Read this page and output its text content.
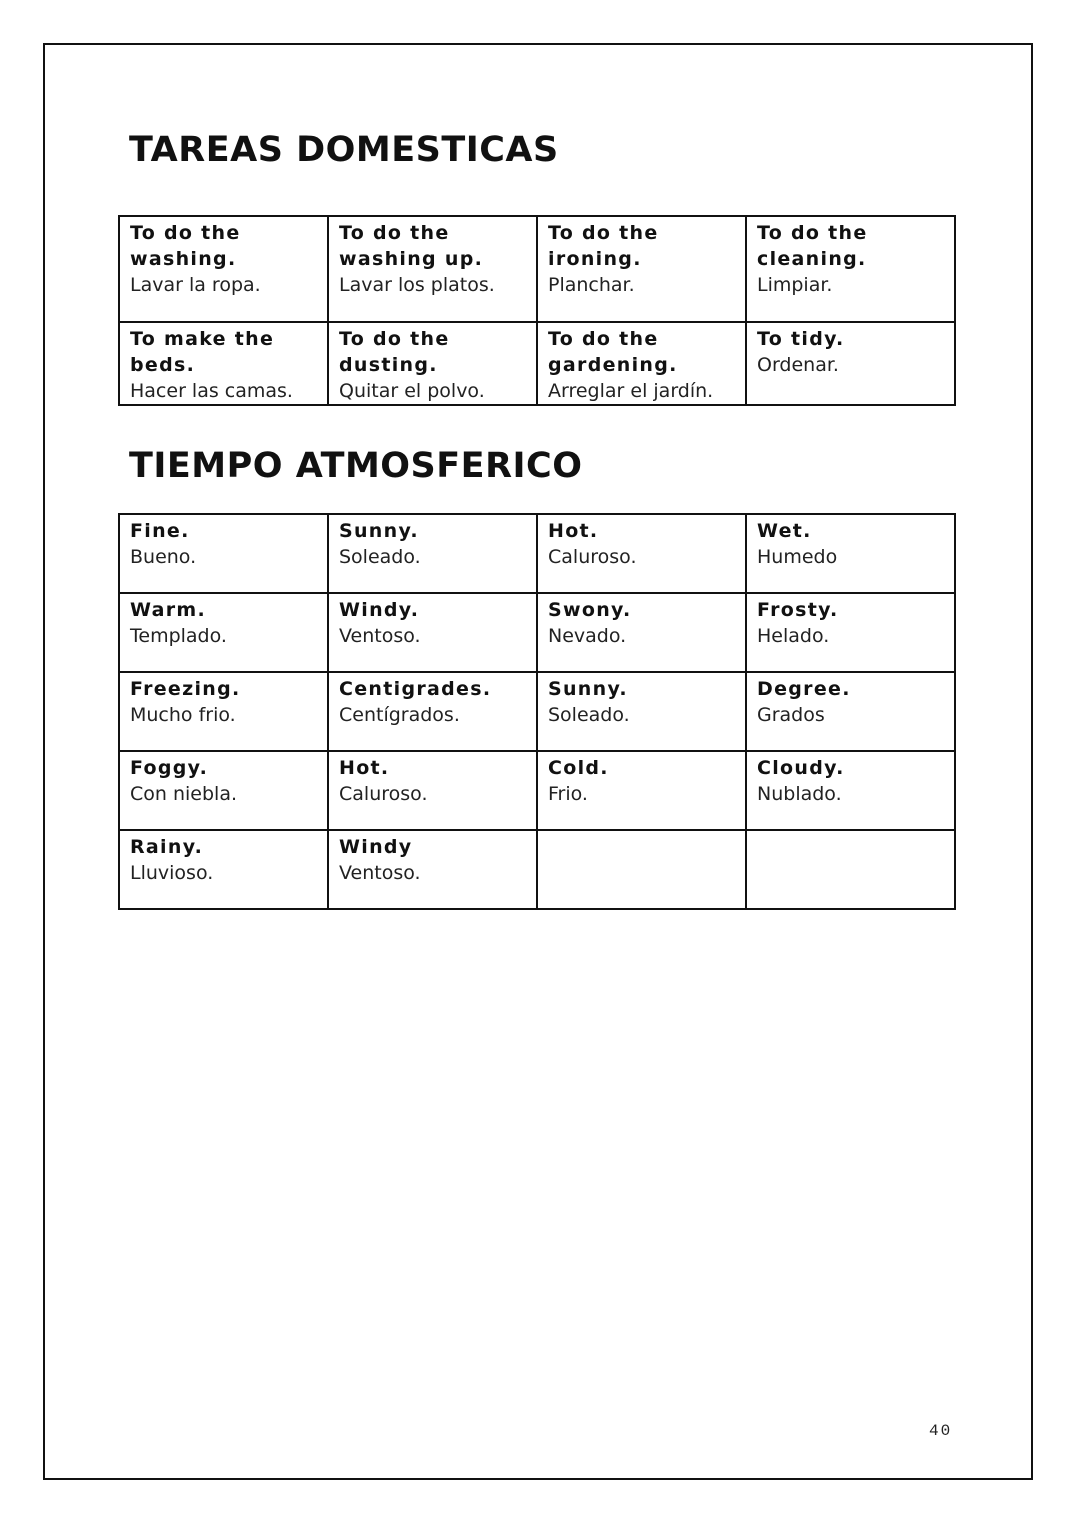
TAREAS DOMESTICAS
To do the washing.
Lavar la ropa.	To do the washing up.
Lavar los platos.	To do the ironing.
Planchar.	To do the cleaning.
Limpiar.

To make the beds.
Hacer las camas.	To do the dusting.
Quitar el polvo.	To do the gardening.
Arreglar el jardín.	To tidy.
Ordenar.
TIEMPO ATMOSFERICO
Fine.
Bueno.	Sunny.
Soleado.	Hot.
Caluroso.	Wet.
Humedo

Warm.
Templado.	Windy.
Ventoso.	Swony.
Nevado.	Frosty.
Helado.

Freezing.
Mucho frio.	Centigrades.
Centígrados.	Sunny.
Soleado.	Degree.
Grados

Foggy.
Con niebla.	Hot.
Caluroso.	Cold.
Frio.	Cloudy.
Nublado.

Rainy.
Lluvioso.	Windy
Ventoso.		

40
